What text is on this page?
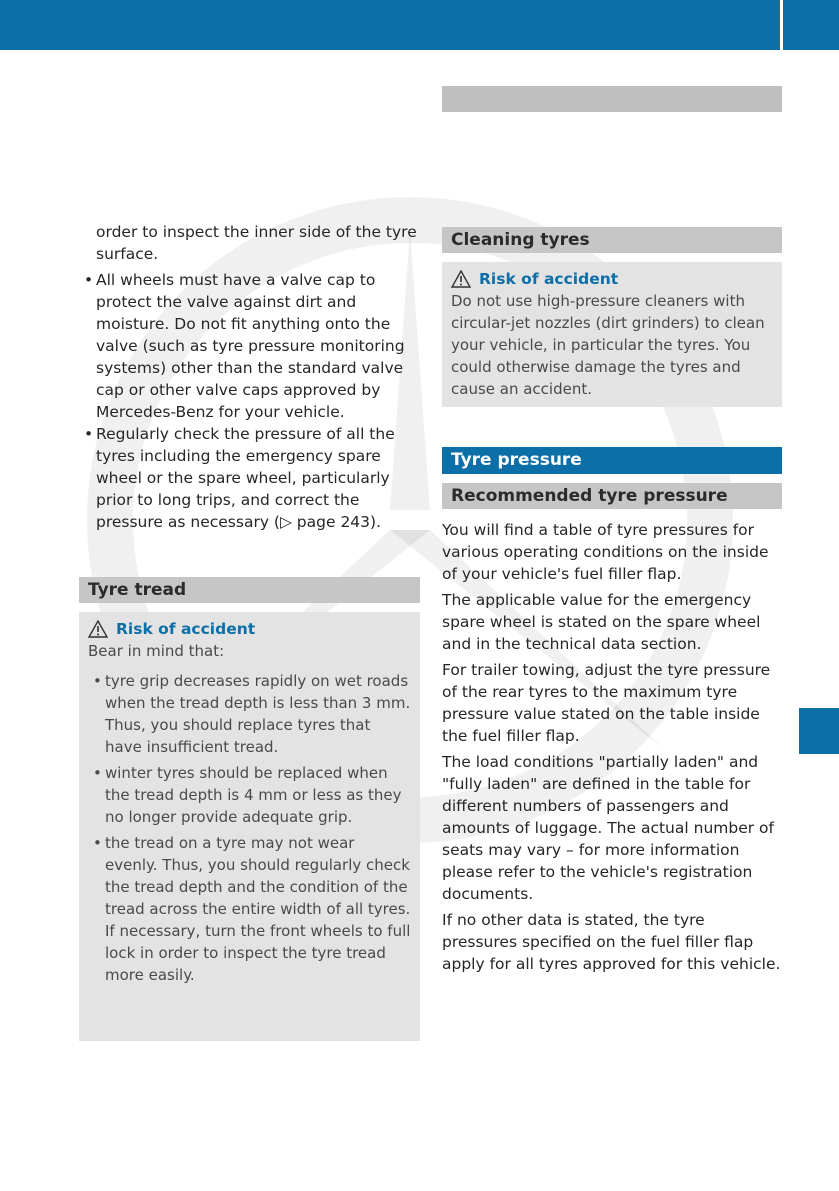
order to inspect the inner side of the tyre surface.

• All wheels must have a valve cap to protect the valve against dirt and moisture. Do not fit anything onto the valve (such as tyre pressure monitoring systems) other than the standard valve cap or other valve caps approved by Mercedes-Benz for your vehicle.
• Regularly check the pressure of all the tyres including the emergency spare wheel or the spare wheel, particularly prior to long trips, and correct the pressure as necessary (▷ page 243).
Tyre tread
Risk of accident

Bear in mind that:

• tyre grip decreases rapidly on wet roads when the tread depth is less than 3 mm. Thus, you should replace tyres that have insufficient tread.
• winter tyres should be replaced when the tread depth is 4 mm or less as they no longer provide adequate grip.
• the tread on a tyre may not wear evenly. Thus, you should regularly check the tread depth and the condition of the tread across the entire width of all tyres. If necessary, turn the front wheels to full lock in order to inspect the tyre tread more easily.
Cleaning tyres
Risk of accident

Do not use high-pressure cleaners with circular-jet nozzles (dirt grinders) to clean your vehicle, in particular the tyres. You could otherwise damage the tyres and cause an accident.

Tyre pressure
Recommended tyre pressure

You will find a table of tyre pressures for various operating conditions on the inside of your vehicle's fuel filler flap.

The applicable value for the emergency spare wheel is stated on the spare wheel and in the technical data section.

For trailer towing, adjust the tyre pressure of the rear tyres to the maximum tyre pressure value stated on the table inside the fuel filler flap.

The load conditions "partially laden" and "fully laden" are defined in the table for different numbers of passengers and amounts of luggage. The actual number of seats may vary – for more information please refer to the vehicle's registration documents.

If no other data is stated, the tyre pressures specified on the fuel filler flap apply for all tyres approved for this vehicle.
